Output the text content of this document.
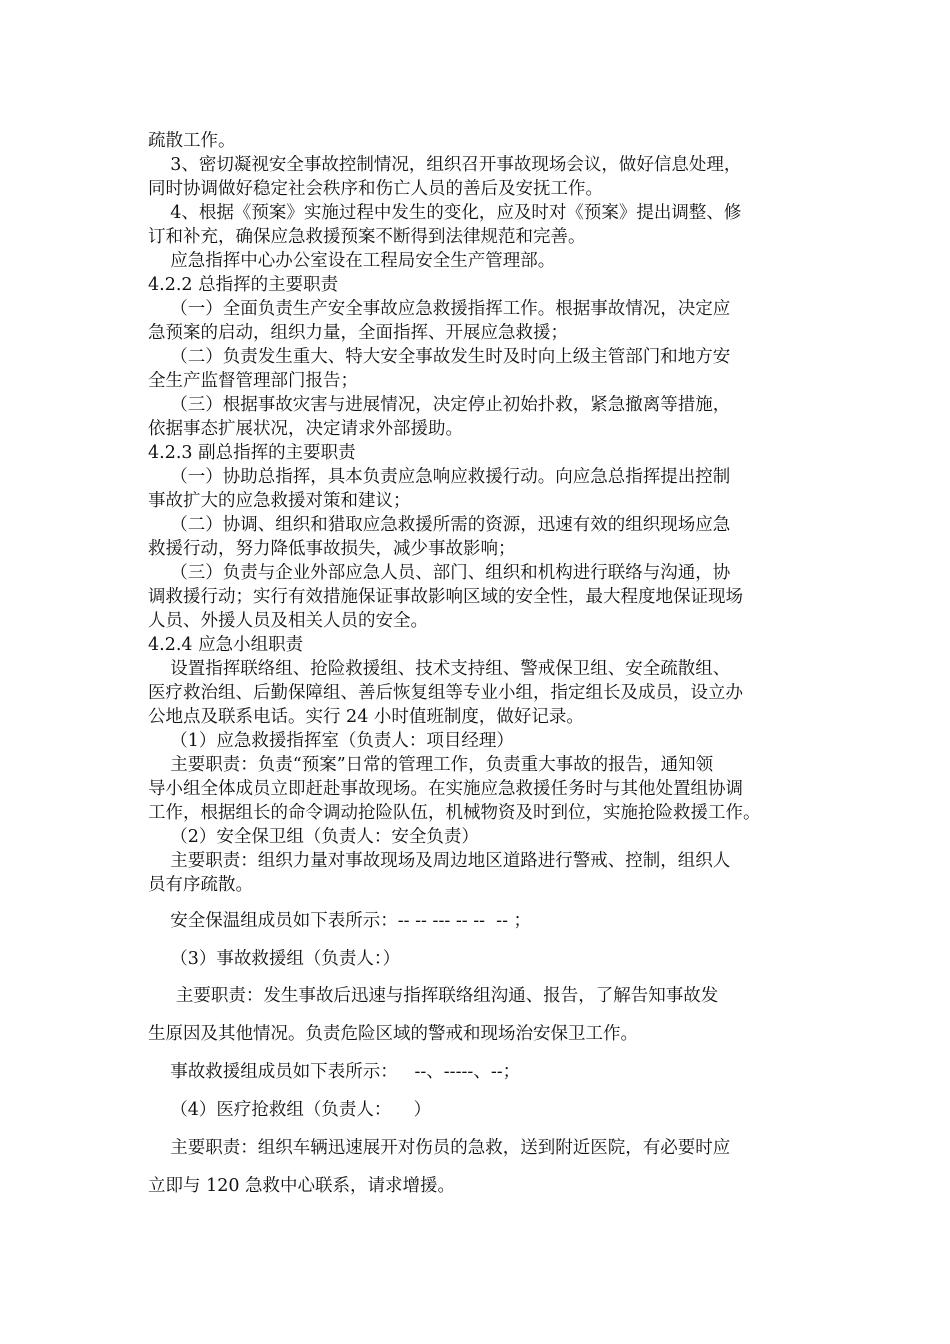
疏散工作。
3、密切凝视安全事故控制情况，组织召开事故现场会议，做好信息处理，
同时协调做好稳定社会秩序和伤亡人员的善后及安抚工作。
4、根据《预案》实施过程中发生的变化，应及时对《预案》提出调整、修
订和补充，确保应急救援预案不断得到法律规范和完善。
应急指挥中心办公室设在工程局安全生产管理部。
4.2.2 总指挥的主要职责
（一）全面负责生产安全事故应急救援指挥工作。根据事故情况，决定应
急预案的启动，组织力量，全面指挥、开展应急救援；
（二）负责发生重大、特大安全事故发生时及时向上级主管部门和地方安
全生产监督管理部门报告；
（三）根据事故灾害与进展情况，决定停止初始扑救，紧急撤离等措施，
依据事态扩展状况，决定请求外部援助。
4.2.3 副总指挥的主要职责
（一）协助总指挥，具本负责应急响应救援行动。向应急总指挥提出控制
事故扩大的应急救援对策和建议；
（二）协调、组织和猎取应急救援所需的资源，迅速有效的组织现场应急
救援行动，努力降低事故损失，减少事故影响；
（三）负责与企业外部应急人员、部门、组织和机构进行联络与沟通，协
调救援行动；实行有效措施保证事故影响区域的安全性，最大程度地保证现场
人员、外援人员及相关人员的安全。
4.2.4 应急小组职责
设置指挥联络组、抢险救援组、技术支持组、警戒保卫组、安全疏散组、
医疗救治组、后勤保障组、善后恢复组等专业小组，指定组长及成员，设立办
公地点及联系电话。实行 24 小时值班制度，做好记录。
（1）应急救援指挥室（负责人：项目经理）
主要职责：负责“预案”日常的管理工作，负责重大事故的报告，通知领
导小组全体成员立即赶赴事故现场。在实施应急救援任务时与其他处置组协调
工作，根据组长的命令调动抢险队伍，机械物资及时到位，实施抢险救援工作。
（2）安全保卫组（负责人：安全负责）
主要职责：组织力量对事故现场及周边地区道路进行警戒、控制，组织人
员有序疏散。
安全保温组成员如下表所示：-- -- --- -- --  -- ；
（3）事故救援组（负责人：）
主要职责：发生事故后迅速与指挥联络组沟通、报告，了解告知事故发
生原因及其他情况。负责危险区域的警戒和现场治安保卫工作。
事故救援组成员如下表所示：   --、-----、--；
（4）医疗抢救组（负责人：    ）
主要职责：组织车辆迅速展开对伤员的急救，送到附近医院，有必要时应
立即与 120 急救中心联系，请求增援。
